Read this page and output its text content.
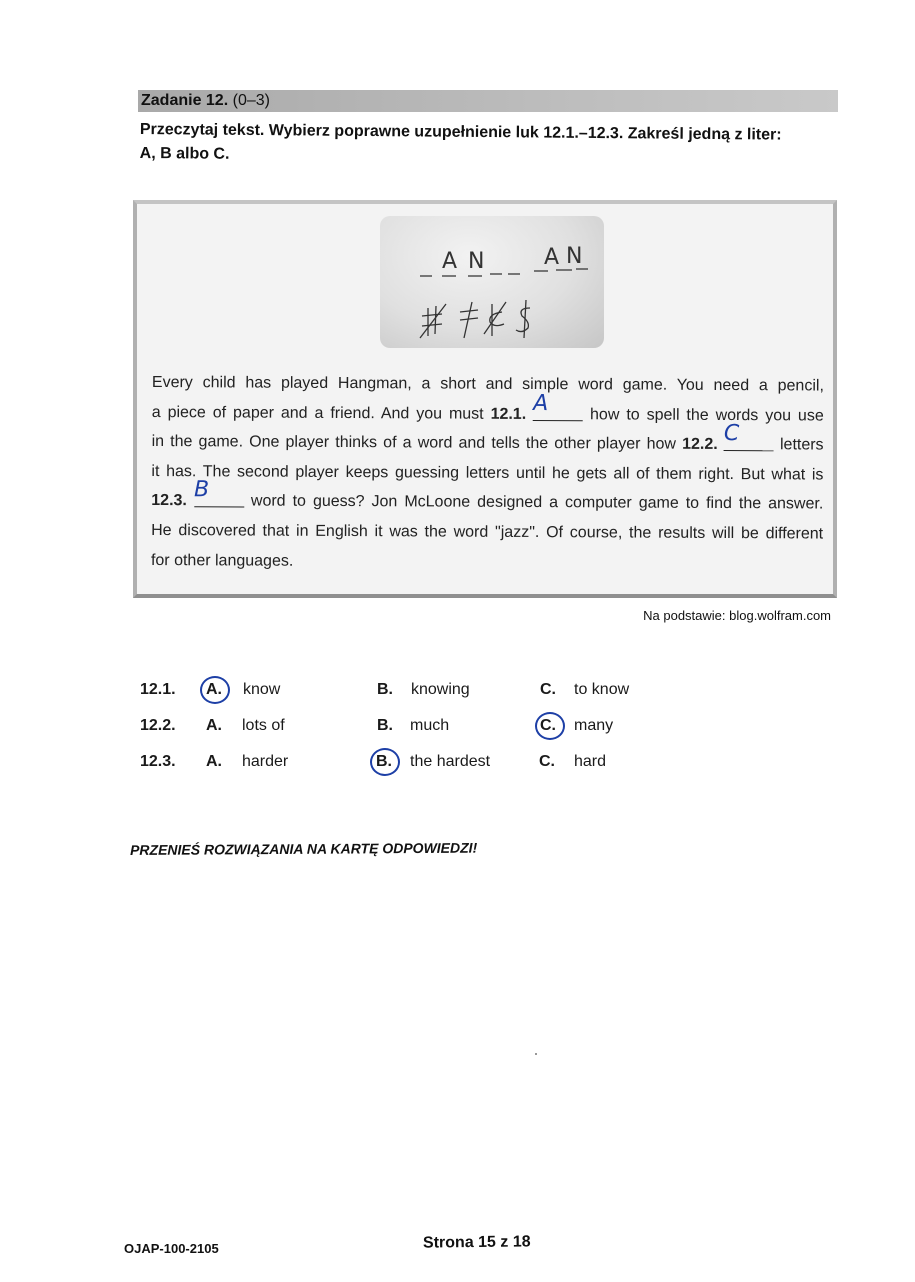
Zadanie 12. (0–3)
Przeczytaj tekst. Wybierz poprawne uzupełnienie luk 12.1.–12.3. Zakreśl jedną z liter:
A, B albo C.
A N	A N
Every child has played Hangman, a short and simple word game. You need a pencil,
a piece of paper and a friend. And you must 12.1. A	how to spell the words you use
in the game. One player thinks of a word and tells the other player how 12.2. C	letters
it has. The second player keeps guessing letters until he gets all of them right. But what is
12.3. B
word to guess? Jon McLoone designed a computer game to find the answer.
He discovered that in English it was the word "jazz". Of course, the results will be different
for other languages.
Na podstawie: blog.wolfram.com
12.1. A. know	B. knowing	C. to know
12.2. A. lots of	B. much	C. many
12.3. A. harder	B. the hardest	C. hard
PRZENIEŚ ROZWIĄZANIA NA KARTĘ ODPOWIEDZI!
OJAP-100-2105	Strona 15 z 18
